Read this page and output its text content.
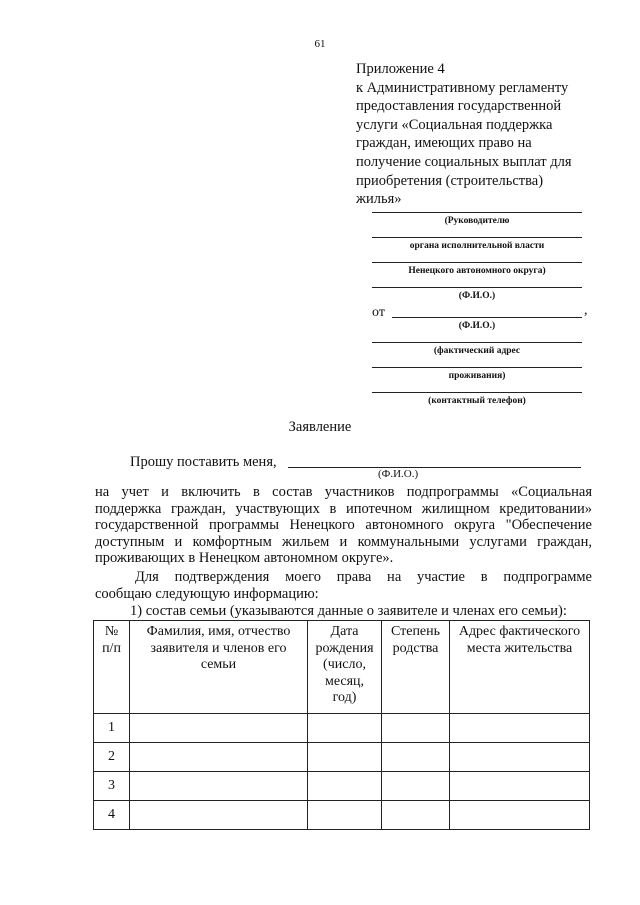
61
Приложение 4
к Административному регламенту
предоставления государственной
услуги «Социальная поддержка
граждан, имеющих право на
получение социальных выплат для
приобретения (строительства)
жилья»
(Руководителю
органа исполнительной власти
Ненецкого автономного округа)
(Ф.И.О.)
от	,
(Ф.И.О.)
(фактический адрес
проживания)
(контактный телефон)
Заявление
Прошу поставить меня,
(Ф.И.О.)
на учет и включить в состав участников подпрограммы «Социальная
поддержка граждан, участвующих в ипотечном жилищном кредитовании»
государственной программы Ненецкого автономного округа "Обеспечение
доступным и комфортным жильем и коммунальными услугами граждан,
проживающих в Ненецком автономном округе».
Для подтверждения моего права на участие в подпрограмме
сообщаю следующую информацию:
1) состав семьи (указываются данные о заявителе и членах его семьи):
№ п/п	Фамилия, имя, отчество заявителя и членов его семьи	Дата рождения (число, месяц, год)	Степень родства	Адрес фактического места жительства
1				
2				
3				
4				
